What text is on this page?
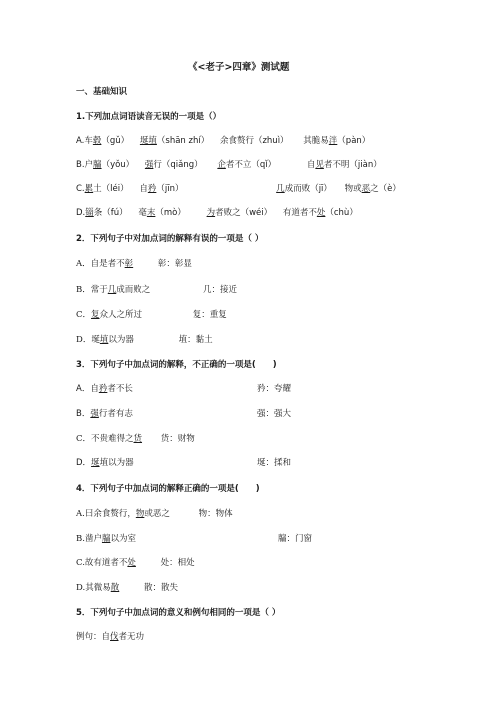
《<老子>四章》测试题
一、基础知识
1.下列加点词语读音无误的一项是（）
A.车毂（gǔ） 埏埴（shān zhí） 余食赘行（zhuì） 其脆易泮（pàn）
B.户牖（yǒu） 强行（qiǎng） 企者不立（qǐ）	自见者不明（jiàn）
C.累土（léi） 自矜（jīn）	几成而败（jī） 物或恶之（è）
D.锱条（fú） 毫末（mò） 为者败之（wéi） 有道者不处（chù）
2．下列句子中对加点词的解释有误的一项是（ ）
A．自是者不彰	彰：彰显
B．常于几成而败之	几：接近
C．复众人之所过	复：重复
D．埏埴以为器	埴：黏土
3．下列句子中加点词的解释，不正确的一项是(　　)
A．自矜者不长	矜：夸耀
B．强行者有志	强：强大
C．不贵难得之货 货：财物
D．埏埴以为器	埏：揉和
4．下列句子中加点词的解释正确的一项是(　　)
A.曰余食赘行，物或恶之	物：物体
B.凿户牖以为室	牖：门窗
C.故有道者不处	处：相处
D.其微易散	散：散失
5．下列句子中加点词的意义和例句相同的一项是（ ）
例句：自伐者无功
